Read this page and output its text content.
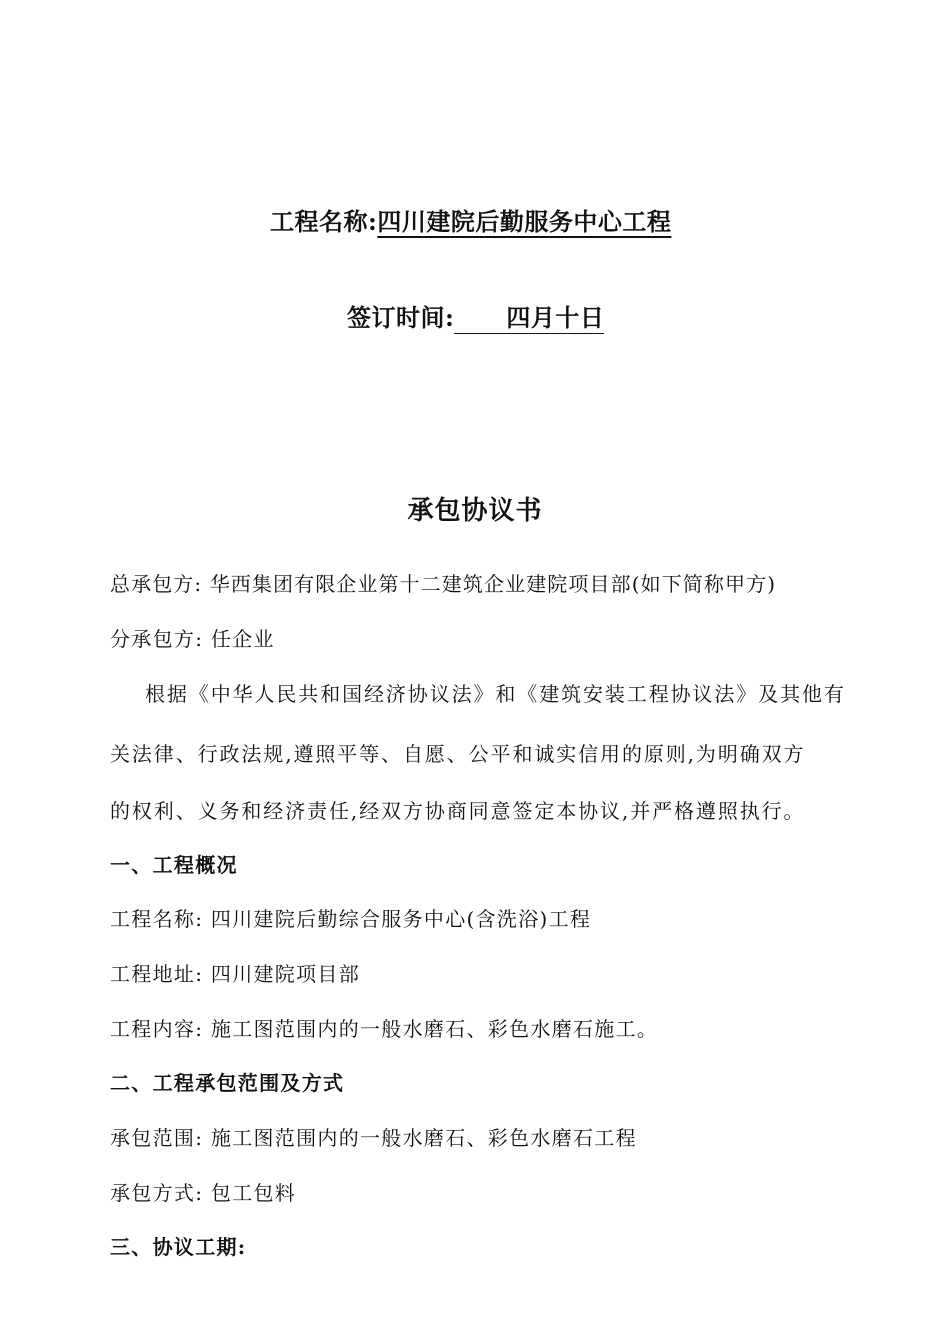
工程名称:四川建院后勤服务中心工程
签订时间: 四月十日
承包协议书
总承包方: 华西集团有限企业第十二建筑企业建院项目部(如下简称甲方)
分承包方: 任企业
根据《中华人民共和国经济协议法》和《建筑安装工程协议法》及其他有
关法律、行政法规,遵照平等、自愿、公平和诚实信用的原则,为明确双方
的权利、义务和经济责任,经双方协商同意签定本协议,并严格遵照执行。
一、工程概况
工程名称: 四川建院后勤综合服务中心(含洗浴)工程
工程地址: 四川建院项目部
工程内容: 施工图范围内的一般水磨石、彩色水磨石施工。
二、工程承包范围及方式
承包范围: 施工图范围内的一般水磨石、彩色水磨石工程
承包方式: 包工包料
三、协议工期:
